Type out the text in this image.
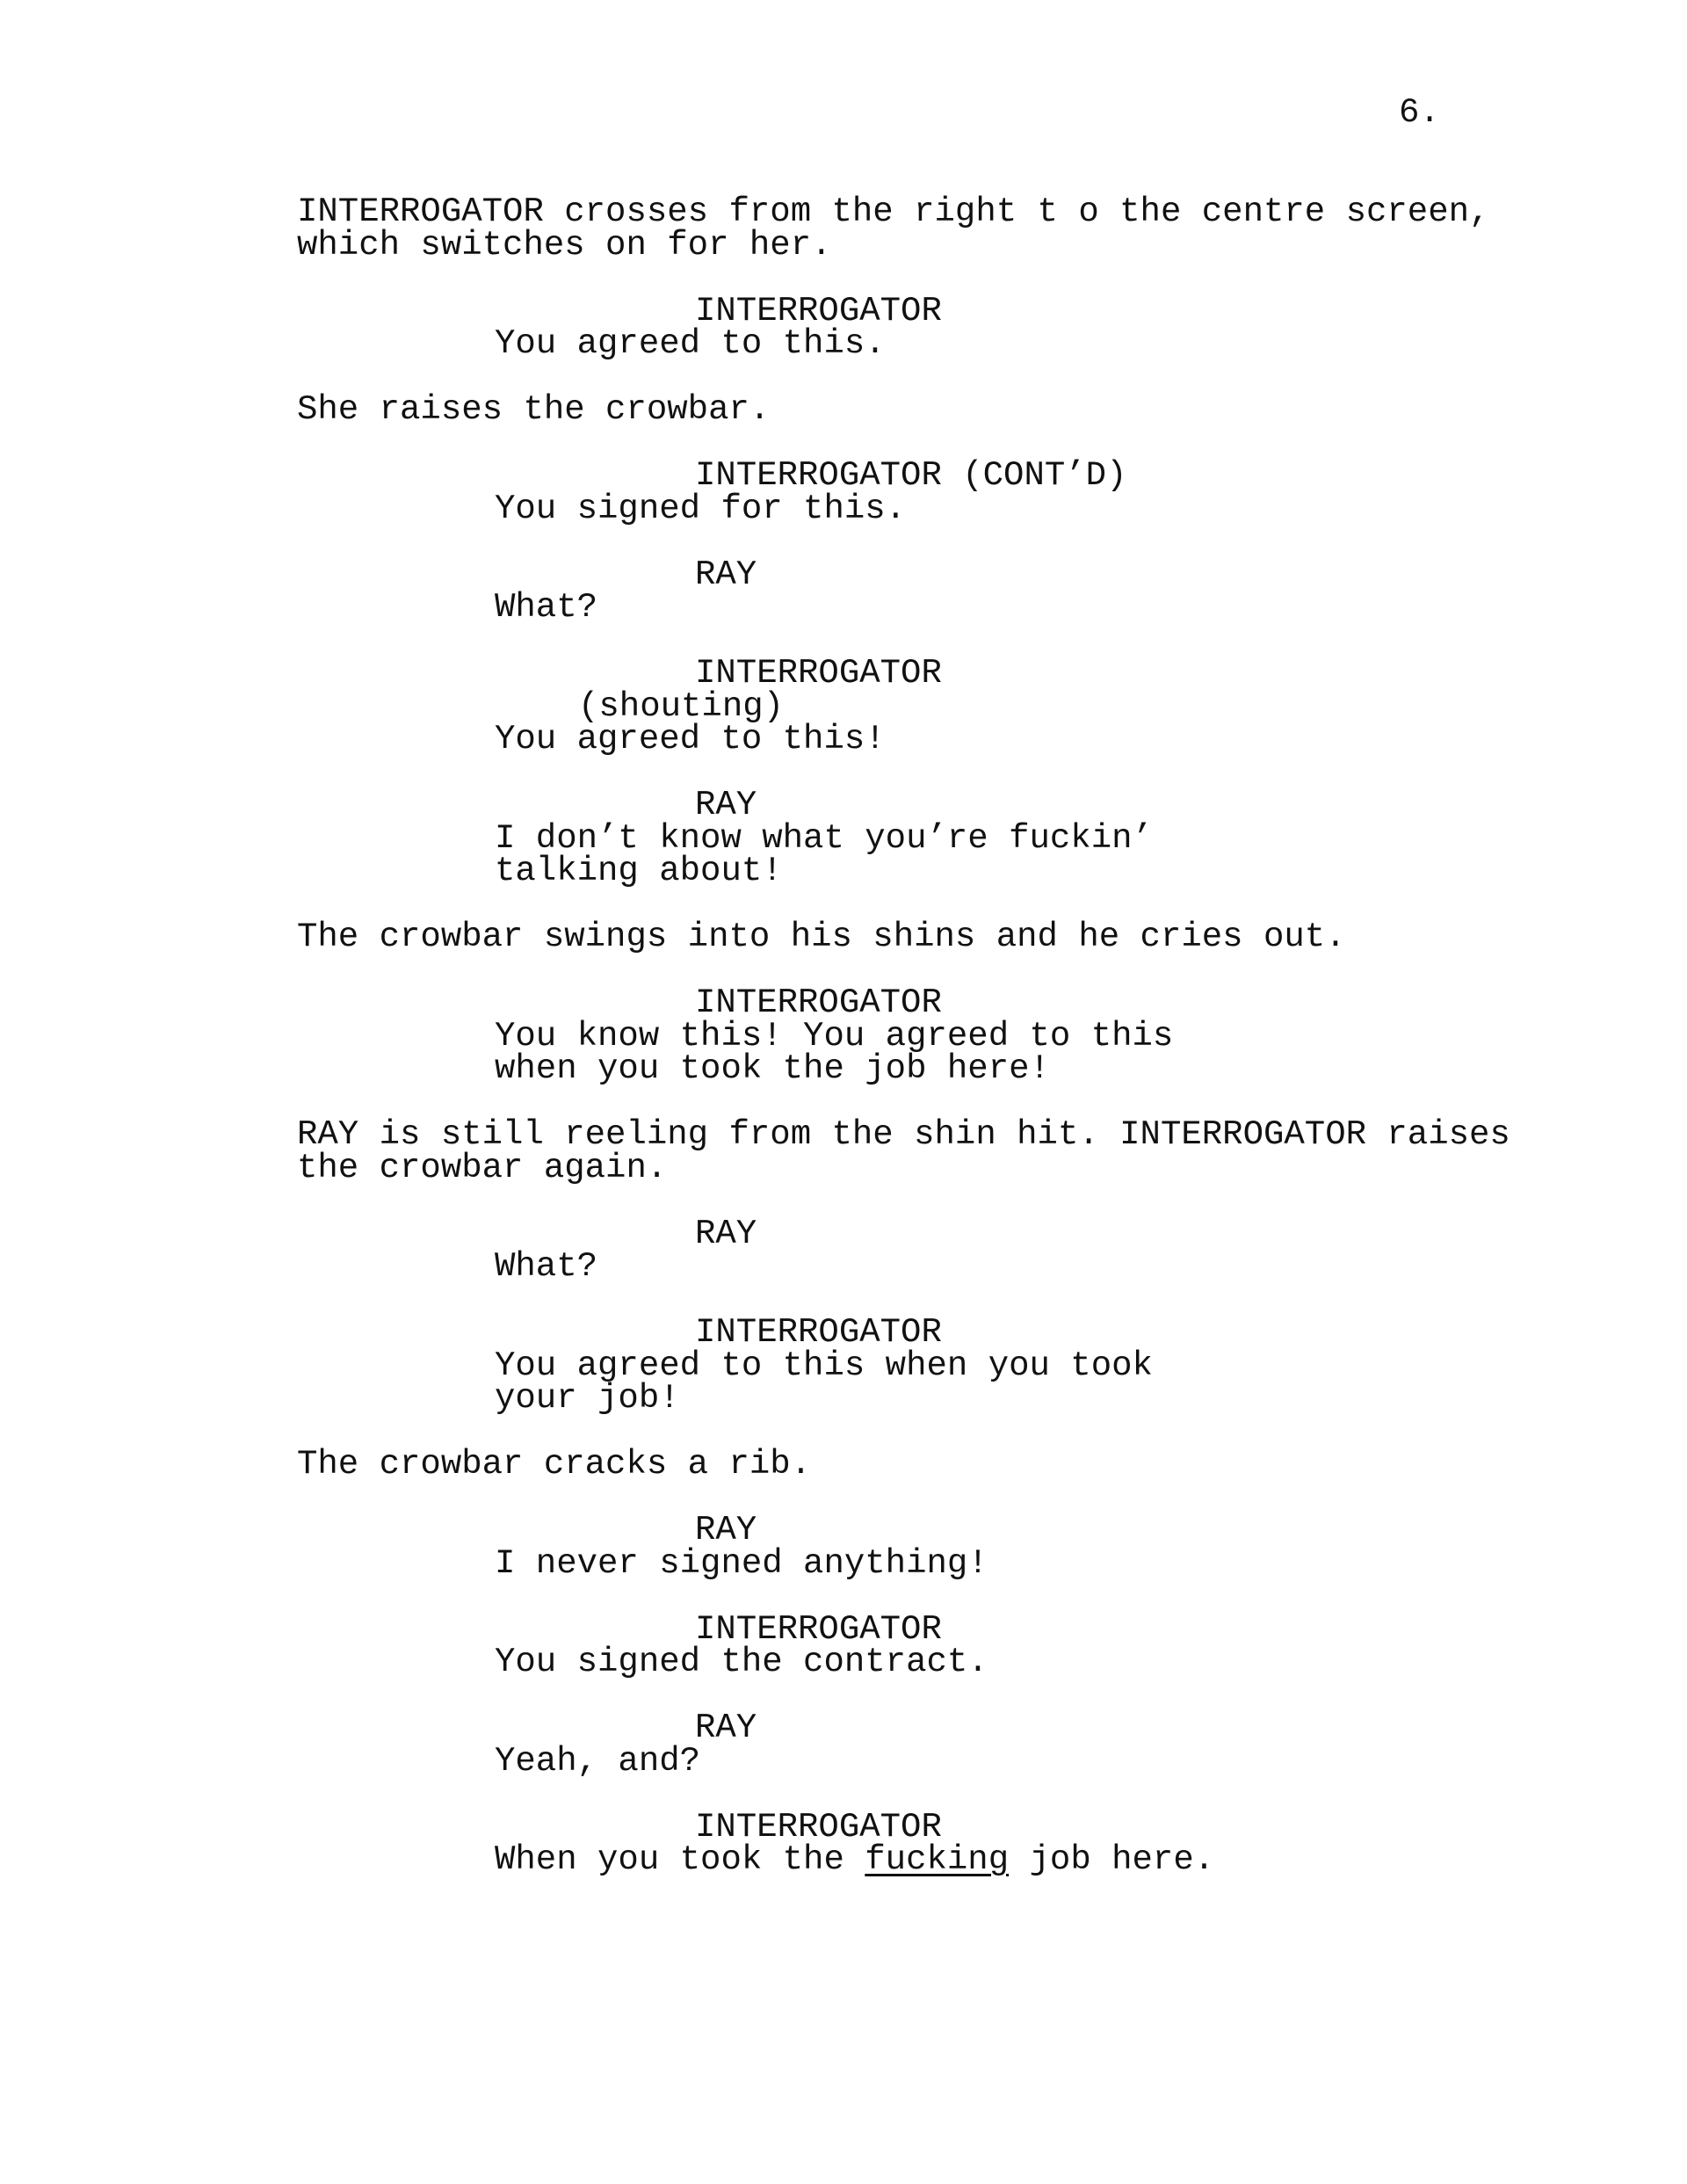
6.
INTERROGATOR crosses from the right t o the centre screen,
which switches on for her.
INTERROGATOR
You agreed to this.
She raises the crowbar.
INTERROGATOR (CONT’D)
You signed for this.
RAY
What?
INTERROGATOR
(shouting)
You agreed to this!
RAY
I don’t know what you’re fuckin’
talking about!
The crowbar swings into his shins and he cries out.
INTERROGATOR
You know this! You agreed to this
when you took the job here!
RAY is still reeling from the shin hit. INTERROGATOR raises
the crowbar again.
RAY
What?
INTERROGATOR
You agreed to this when you took
your job!
The crowbar cracks a rib.
RAY
I never signed anything!
INTERROGATOR
You signed the contract.
RAY
Yeah, and?
INTERROGATOR
When you took the fucking job here.
